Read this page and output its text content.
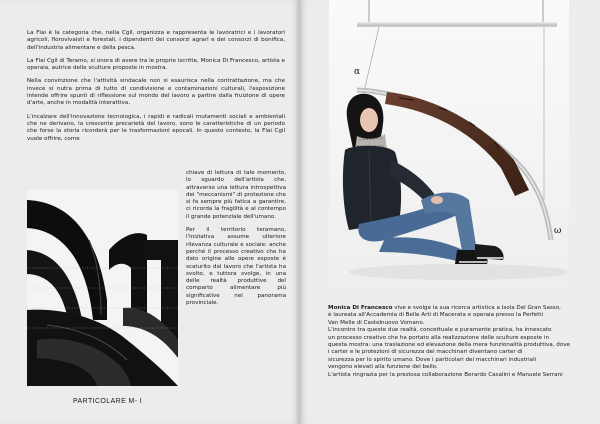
La Flai è la categoria che, nella Cgil, organizza e rappresenta le lavoratrici e i lavoratori agricoli, florovivaisti e forestali, i dipendenti dei consorzi agrari e dei consorzi di bonifica, dell'industria alimentare e della pesca.

La Flai Cgil di Teramo, si onora di avere tra le proprie iscritte, Monica Di Francesco, artista e operaia, autrice delle sculture proposte in mostra.

Nella convinzione che l'attività sindacale non si esaurisca nella contrattazione, ma che invece si nutra prima di tutto di condivisione e contaminazioni culturali, l'esposizione intende offrire spunti di riflessione sul mondo del lavoro a partire dalla fruizione di opere d'arte, anche in modalità interattiva.

L'incalzare dell'innovazione tecnologica, i rapidi e radicali mutamenti sociali e ambientali che ne derivano, la crescente precarietà del lavoro, sono le caratteristiche di un periodo che forse la storia ricorderà per le trasformazioni epocali. In questo contesto, la Flai Cgil vuole offrire, come

chiave di lettura di tale momento, lo sguardo dell'artista che, attraverso una lettura introspettiva dei "meccanismi" di protezione che si fa sempre più fatica a garantire, ci ricorda la fragilità e al contempo il grande potenziale dell'umano.

Per il territorio teramano, l'iniziativa assume ulteriore rilevanza culturale e sociale: anche perché il processo creativo che ha dato origine alle opere esposte è scaturito dal lavoro che l'artista ha svolto, e tuttora svolge, in una delle realtà produttive del comparto alimentare più significative nel panorama provinciale.

PARTICOLARE M- I
α
ω

Monica Di Francesco vive e svolge la sua ricerca artistica a Isola Del Gran Sasso,

è laureata all'Accademia di Belle Arti di Macerata e operaia presso la Perfetti

Van Melle di Castelnuovo Vomano.

L'incontro tra queste due realtà, concettuale e puramente pratica, ha innescato

un processo creativo che ha portato alla realizzazione delle sculture esposte in

questa mostra: una traslazione ed elevazione della mera funzionalità produttiva, dove i carter e le protezioni di sicurezza dei macchinari diventano carter di

sicurezza per lo spirito umano. Dove i particolari dei macchinari industriali

vengono elevati alla funzione del bello.

L'artista ringrazia per la preziosa collaborazione Berardo Casalini e Manuele Serrani
